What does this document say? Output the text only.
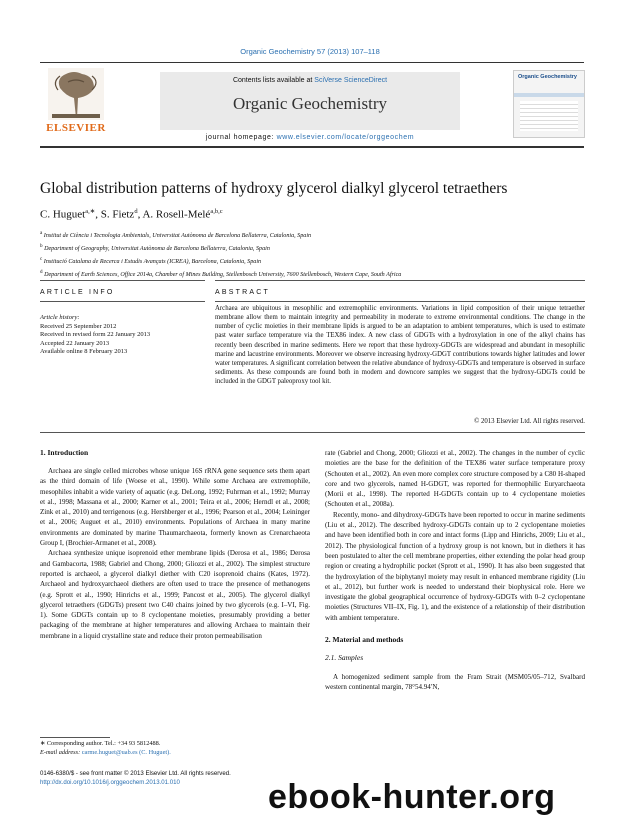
Organic Geochemistry 57 (2013) 107–118
ELSEVIER
Contents lists available at SciVerse ScienceDirect
Organic Geochemistry
journal homepage: www.elsevier.com/locate/orggeochem
Organic Geochemistry
Global distribution patterns of hydroxy glycerol dialkyl glycerol tetraethers
C. Huguet$^{a,∗}$, S. Fietz$^d$, A. Rosell-Melé$^{a,b,c}$
$^a$ Institut de Ciència i Tecnologia Ambientals, Universitat Autònoma de Barcelona Bellaterra, Catalonia, Spain
$^b$ Department of Geography, Universitat Autònoma de Barcelona Bellaterra, Catalonia, Spain
$^c$ Institució Catalana de Recerca i Estudis Avançats (ICREA), Barcelona, Catalonia, Spain
$^d$ Department of Earth Sciences, Office 2014a, Chamber of Mines Building, Stellenbosch University, 7600 Stellenbosch, Western Cape, South Africa
ARTICLE INFO
Article history:
Received 25 September 2012
Received in revised form 22 January 2013
Accepted 22 January 2013
Available online 8 February 2013
ABSTRACT
Archaea are ubiquitous in mesophilic and extremophilic environments. Variations in lipid composition of their unique tetraether membrane allow them to maintain integrity and permeability in moderate to extreme environmental conditions. The change in the number of cyclic moieties in their membrane lipids is argued to be an adaptation to ambient temperatures, which is used to estimate past water surface temperature via the TEX86 index. A new class of GDGTs with a hydroxylation in one of the alkyl chains has recently been described in marine sediments. Here we report that these hydroxy-GDGTs are widespread and abundant in mesophilic marine and lacustrine environments. Moreover we observe increasing hydroxy-GDGT contributions towards higher latitudes and lower water temperatures. A significant correlation between the relative abundance of hydroxy-GDGTs and temperature is observed in surface sediments. As these compounds are found both in modern and downcore samples we suggest that the hydroxy-GDGTs could be included in the GDGT paleoproxy tool kit.
© 2013 Elsevier Ltd. All rights reserved.
1. Introduction

Archaea are single celled microbes whose unique 16S rRNA gene sequence sets them apart as the third domain of life (Woese et al., 1990). While some Archaea are extremophile, mesophiles inhabit a wide variety of aquatic (e.g. DeLong, 1992; Fuhrman et al., 1992; Murray et al., 1998; Massana et al., 2000; Karner et al., 2001; Teira et al., 2006; Herndl et al., 2008; Zink et al., 2010) and terrigenous (e.g. Hershberger et al., 1996; Pearson et al., 2004; Leininger et al., 2006; Auguet et al., 2010) environments. Populations of Archaea in many marine environments are dominated by marine Thaumarchaeota, formerly known as Crenarchaeota Group I, (Brochier-Armanet et al., 2008).

Archaea synthesize unique isoprenoid ether membrane lipids (Derosa et al., 1986; Derosa and Gambacorta, 1988; Gabriel and Chong, 2000; Gliozzi et al., 2002). The simplest structure reported is archaeol, a glycerol dialkyl diether with C20 isoprenoid chains (Kates, 1972). Archaeol and hydroxyarchaeol diethers are often used to trace the presence of methanogens (e.g. Sprott et al., 1990; Hinrichs et al., 1999; Pancost et al., 2005). The glycerol dialkyl glycerol tetraethers (GDGTs) present two C40 chains joined by two glycerols (e.g. I–VI, Fig. 1). Some GDGTs contain up to 8 cyclopentane moieties, presumably providing a better packaging of the membrane at higher temperatures and allowing Archaea to maintain their membrane in a liquid crystalline state and reduce their proton permeabilisation

rate (Gabriel and Chong, 2000; Gliozzi et al., 2002). The changes in the number of cyclic moieties are the base for the definition of the TEX86 water surface temperature proxy (Schouten et al., 2002). An even more complex core structure composed by a C80 H-shaped core and two glycerols, named H-GDGT, was reported for thermophilic Euryarchaeota (Morii et al., 1998). The reported H-GDGTs contain up to 4 cyclopentane moieties (Schouten et al., 2008a).

Recently, mono- and dihydroxy-GDGTs have been reported to occur in marine sediments (Liu et al., 2012). The described hydroxy-GDGTs contain up to 2 cyclopentane moieties and have been identified both in core and intact forms (Lipp and Hinrichs, 2009; Liu et al., 2012). The physiological function of a hydroxy group is not known, but in diethers it has been postulated to alter the cell membrane properties, either extending the polar head group region or creating a hydrophilic pocket (Sprott et al., 1990). It has also been suggested that the hydroxylation of the biphytanyl moiety may result in enhanced membrane rigidity (Liu et al., 2012), but further work is needed to understand their biophysical role. Here we investigate the global geographical occurrence of hydroxy-GDGTs with 0–2 cyclopentane moieties (Structures VII–IX, Fig. 1), and the existence of a relationship of their distribution with ambient temperature.

2. Material and methods

2.1. Samples

A homogenized sediment sample from the Fram Strait (MSM05/05–712, Svalbard western continental margin, 78°54.94′N,

∗ Corresponding author. Tel.: +34 93 5812488.
E-mail address: carme.huguet@uab.es (C. Huguet).
0146-6380/$ - see front matter © 2013 Elsevier Ltd. All rights reserved.
http://dx.doi.org/10.1016/j.orggeochem.2013.01.010	ebook-hunter.org
